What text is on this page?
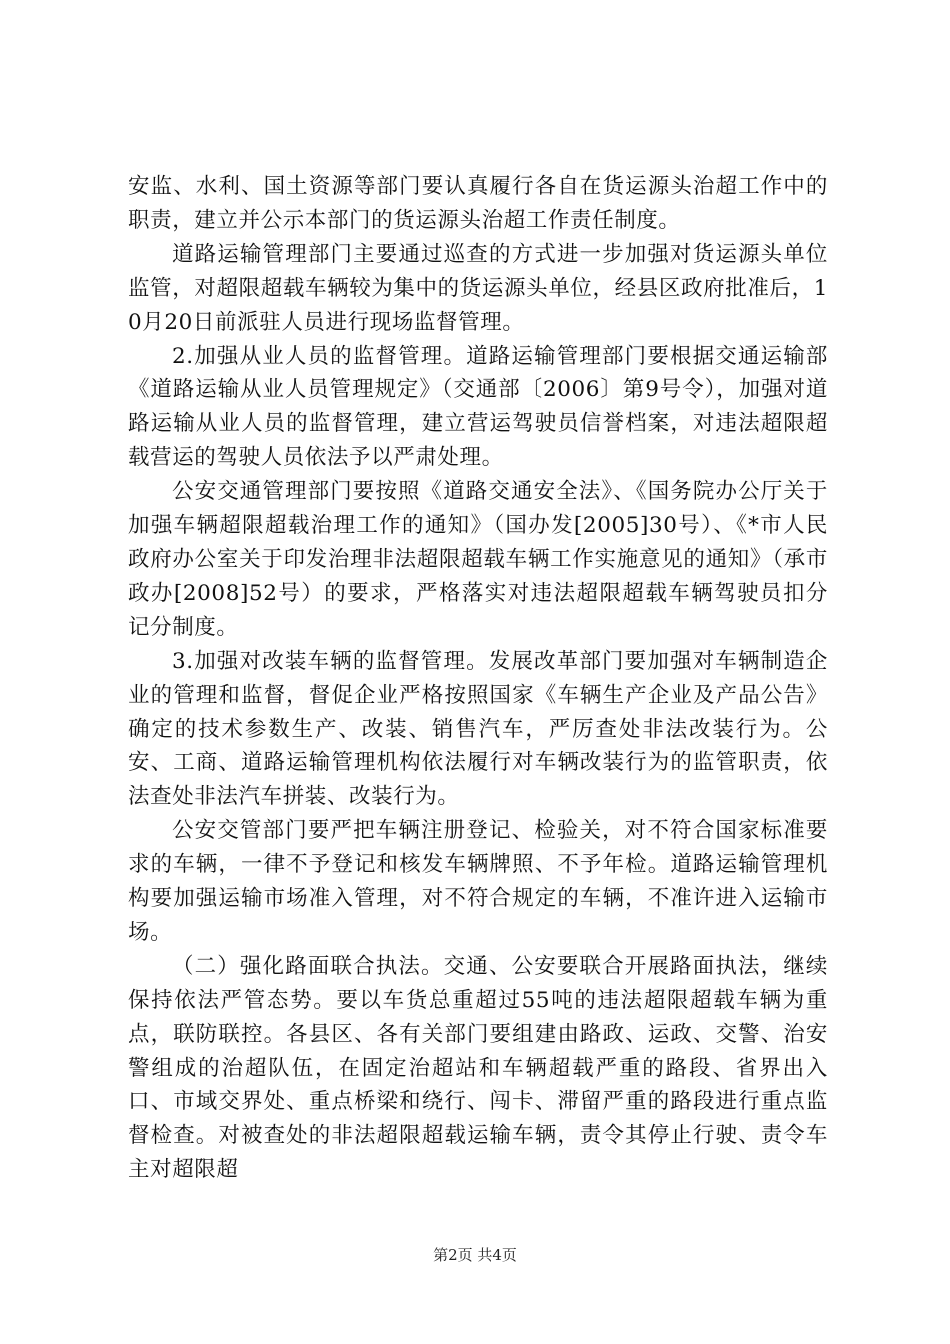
安监、水利、国土资源等部门要认真履行各自在货运源头治超工作中的职责，建立并公示本部门的货运源头治超工作责任制度。

道路运输管理部门主要通过巡查的方式进一步加强对货运源头单位监管，对超限超载车辆较为集中的货运源头单位，经县区政府批准后，10月20日前派驻人员进行现场监督管理。

2.加强从业人员的监督管理。道路运输管理部门要根据交通运输部《道路运输从业人员管理规定》（交通部〔2006〕第9号令），加强对道路运输从业人员的监督管理，建立营运驾驶员信誉档案，对违法超限超载营运的驾驶人员依法予以严肃处理。

公安交通管理部门要按照《道路交通安全法》、《国务院办公厅关于加强车辆超限超载治理工作的通知》（国办发[2005]30号）、《*市人民政府办公室关于印发治理非法超限超载车辆工作实施意见的通知》（承市政办[2008]52号）的要求，严格落实对违法超限超载车辆驾驶员扣分记分制度。

3.加强对改装车辆的监督管理。发展改革部门要加强对车辆制造企业的管理和监督，督促企业严格按照国家《车辆生产企业及产品公告》确定的技术参数生产、改装、销售汽车，严厉查处非法改装行为。公安、工商、道路运输管理机构依法履行对车辆改装行为的监管职责，依法查处非法汽车拼装、改装行为。

公安交管部门要严把车辆注册登记、检验关，对不符合国家标准要求的车辆，一律不予登记和核发车辆牌照、不予年检。道路运输管理机构要加强运输市场准入管理，对不符合规定的车辆，不准许进入运输市场。

（二）强化路面联合执法。交通、公安要联合开展路面执法，继续保持依法严管态势。要以车货总重超过55吨的违法超限超载车辆为重点，联防联控。各县区、各有关部门要组建由路政、运政、交警、治安警组成的治超队伍，在固定治超站和车辆超载严重的路段、省界出入口、市域交界处、重点桥梁和绕行、闯卡、滞留严重的路段进行重点监督检查。对被查处的非法超限超载运输车辆，责令其停止行驶、责令车主对超限超

第2页 共4页
